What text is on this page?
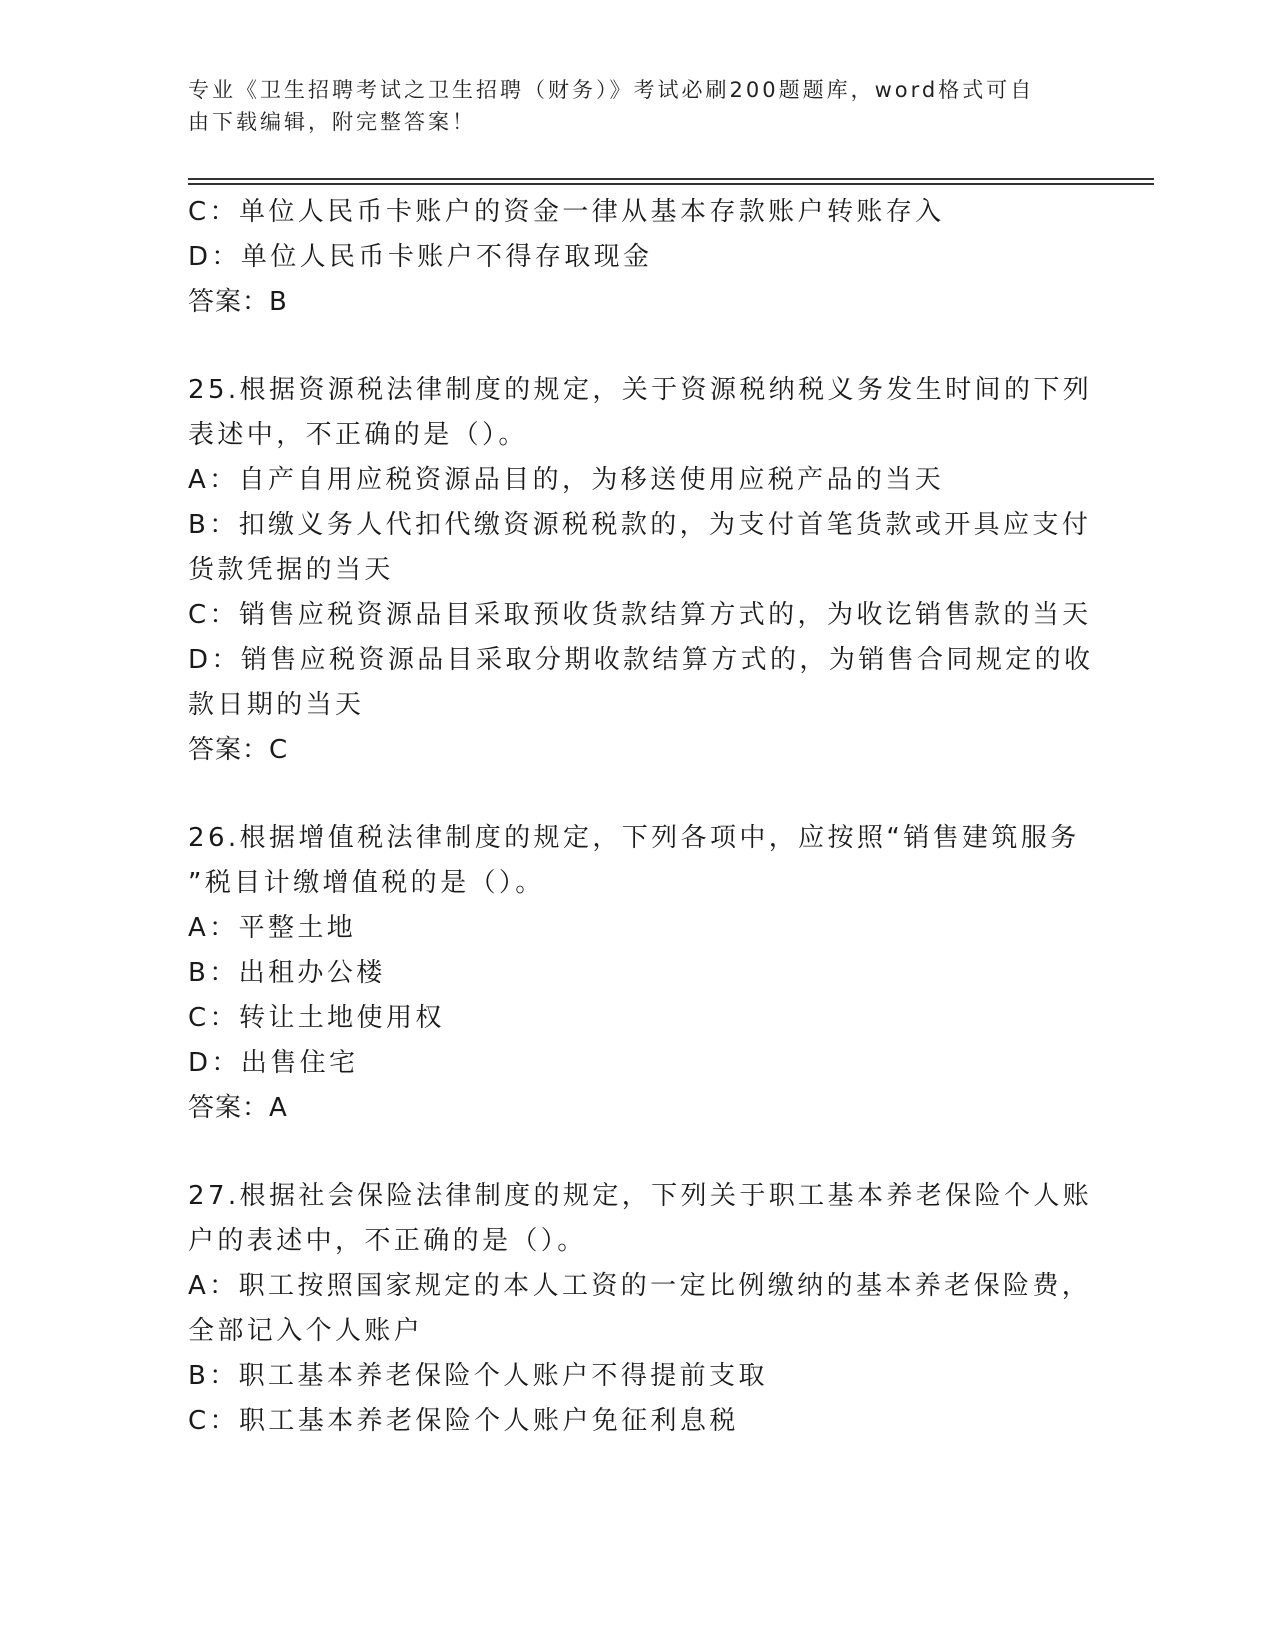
专业《卫生招聘考试之卫生招聘（财务）》考试必刷200题题库，word格式可自
由下载编辑，附完整答案！
C：单位人民币卡账户的资金一律从基本存款账户转账存入
D：单位人民币卡账户不得存取现金
答案：B
25.根据资源税法律制度的规定，关于资源税纳税义务发生时间的下列
表述中，不正确的是（）。
A：自产自用应税资源品目的，为移送使用应税产品的当天
B：扣缴义务人代扣代缴资源税税款的，为支付首笔货款或开具应支付
货款凭据的当天
C：销售应税资源品目采取预收货款结算方式的，为收讫销售款的当天
D：销售应税资源品目采取分期收款结算方式的，为销售合同规定的收
款日期的当天
答案：C
26.根据增值税法律制度的规定，下列各项中，应按照“销售建筑服务
”税目计缴增值税的是（）。
A：平整土地
B：出租办公楼
C：转让土地使用权
D：出售住宅
答案：A
27.根据社会保险法律制度的规定，下列关于职工基本养老保险个人账
户的表述中，不正确的是（）。
A：职工按照国家规定的本人工资的一定比例缴纳的基本养老保险费，
全部记入个人账户
B：职工基本养老保险个人账户不得提前支取
C：职工基本养老保险个人账户免征利息税
